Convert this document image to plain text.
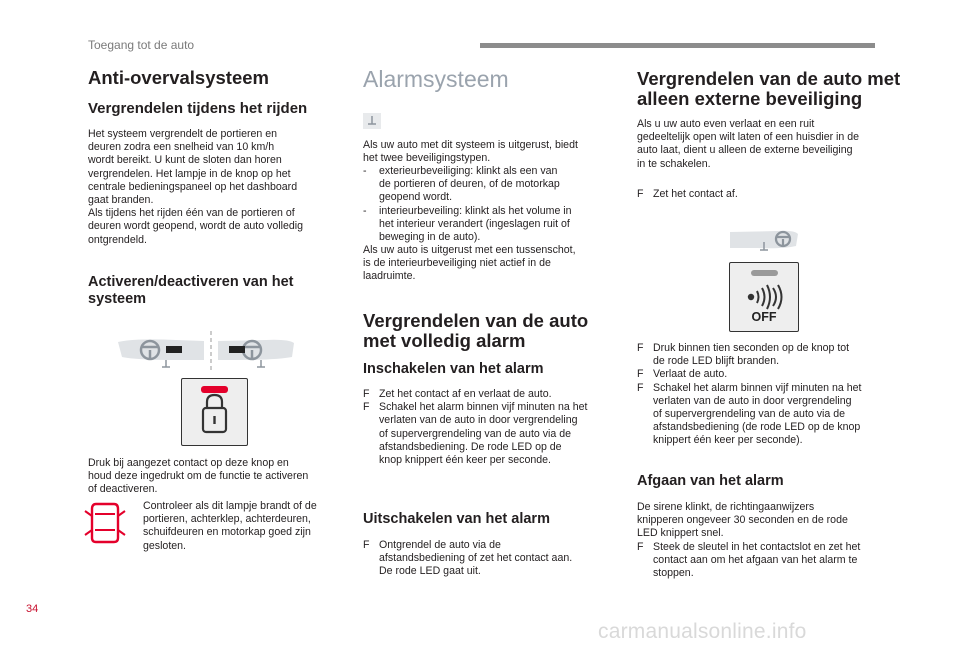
Toegang tot de auto
Anti-overvalsysteem
Vergrendelen tijdens het rijden

Het systeem vergrendelt de portieren en
deuren zodra een snelheid van 10 km/h
wordt bereikt. U kunt de sloten dan horen
vergrendelen. Het lampje in de knop op het
centrale bedieningspaneel op het dashboard
gaat branden.
Als tijdens het rijden één van de portieren of
deuren wordt geopend, wordt de auto volledig
ontgrendeld.

Activeren/deactiveren van het
systeem

Druk bij aangezet contact op deze knop en
houd deze ingedrukt om de functie te activeren
of deactiveren.

Controleer als dit lampje brandt of de
portieren, achterklep, achterdeuren,
schuifdeuren en motorkap goed zijn
gesloten.

Alarmsysteem

Als uw auto met dit systeem is uitgerust, biedt
het twee beveiligingstypen.

- exterieurbeveiliging: klinkt als een van
de portieren of deuren, of de motorkap
geopend wordt.
- interieurbeveiling: klinkt als het volume in
het interieur verandert (ingeslagen ruit of
beweging in de auto).

Als uw auto is uitgerust met een tussenschot,
is de interieurbeveiliging niet actief in de
laadruimte.

Vergrendelen van de auto
met volledig alarm
Inschakelen van het alarm
F Zet het contact af en verlaat de auto.
F Schakel het alarm binnen vijf minuten na het
verlaten van de auto in door vergrendeling
of supervergrendeling van de auto via de
afstandsbediening. De rode LED op de
knop knippert één keer per seconde.
Uitschakelen van het alarm
F Ontgrendel de auto via de
afstandsbediening of zet het contact aan.
De rode LED gaat uit.
Vergrendelen van de auto met
alleen externe beveiliging

Als u uw auto even verlaat en een ruit
gedeeltelijk open wilt laten of een huisdier in de
auto laat, dient u alleen de externe beveiliging
in te schakelen.

F Zet het contact af.
OFF
F Druk binnen tien seconden op de knop tot
de rode LED blijft branden.
F Verlaat de auto.
F Schakel het alarm binnen vijf minuten na het
verlaten van de auto in door vergrendeling
of supervergrendeling van de auto via de
afstandsbediening (de rode LED op de knop
knippert één keer per seconde).
Afgaan van het alarm

De sirene klinkt, de richtingaanwijzers
knipperen ongeveer 30 seconden en de rode
LED knippert snel.

F Steek de sleutel in het contactslot en zet het
contact aan om het afgaan van het alarm te
stoppen.
34
carmanualsonline.info
